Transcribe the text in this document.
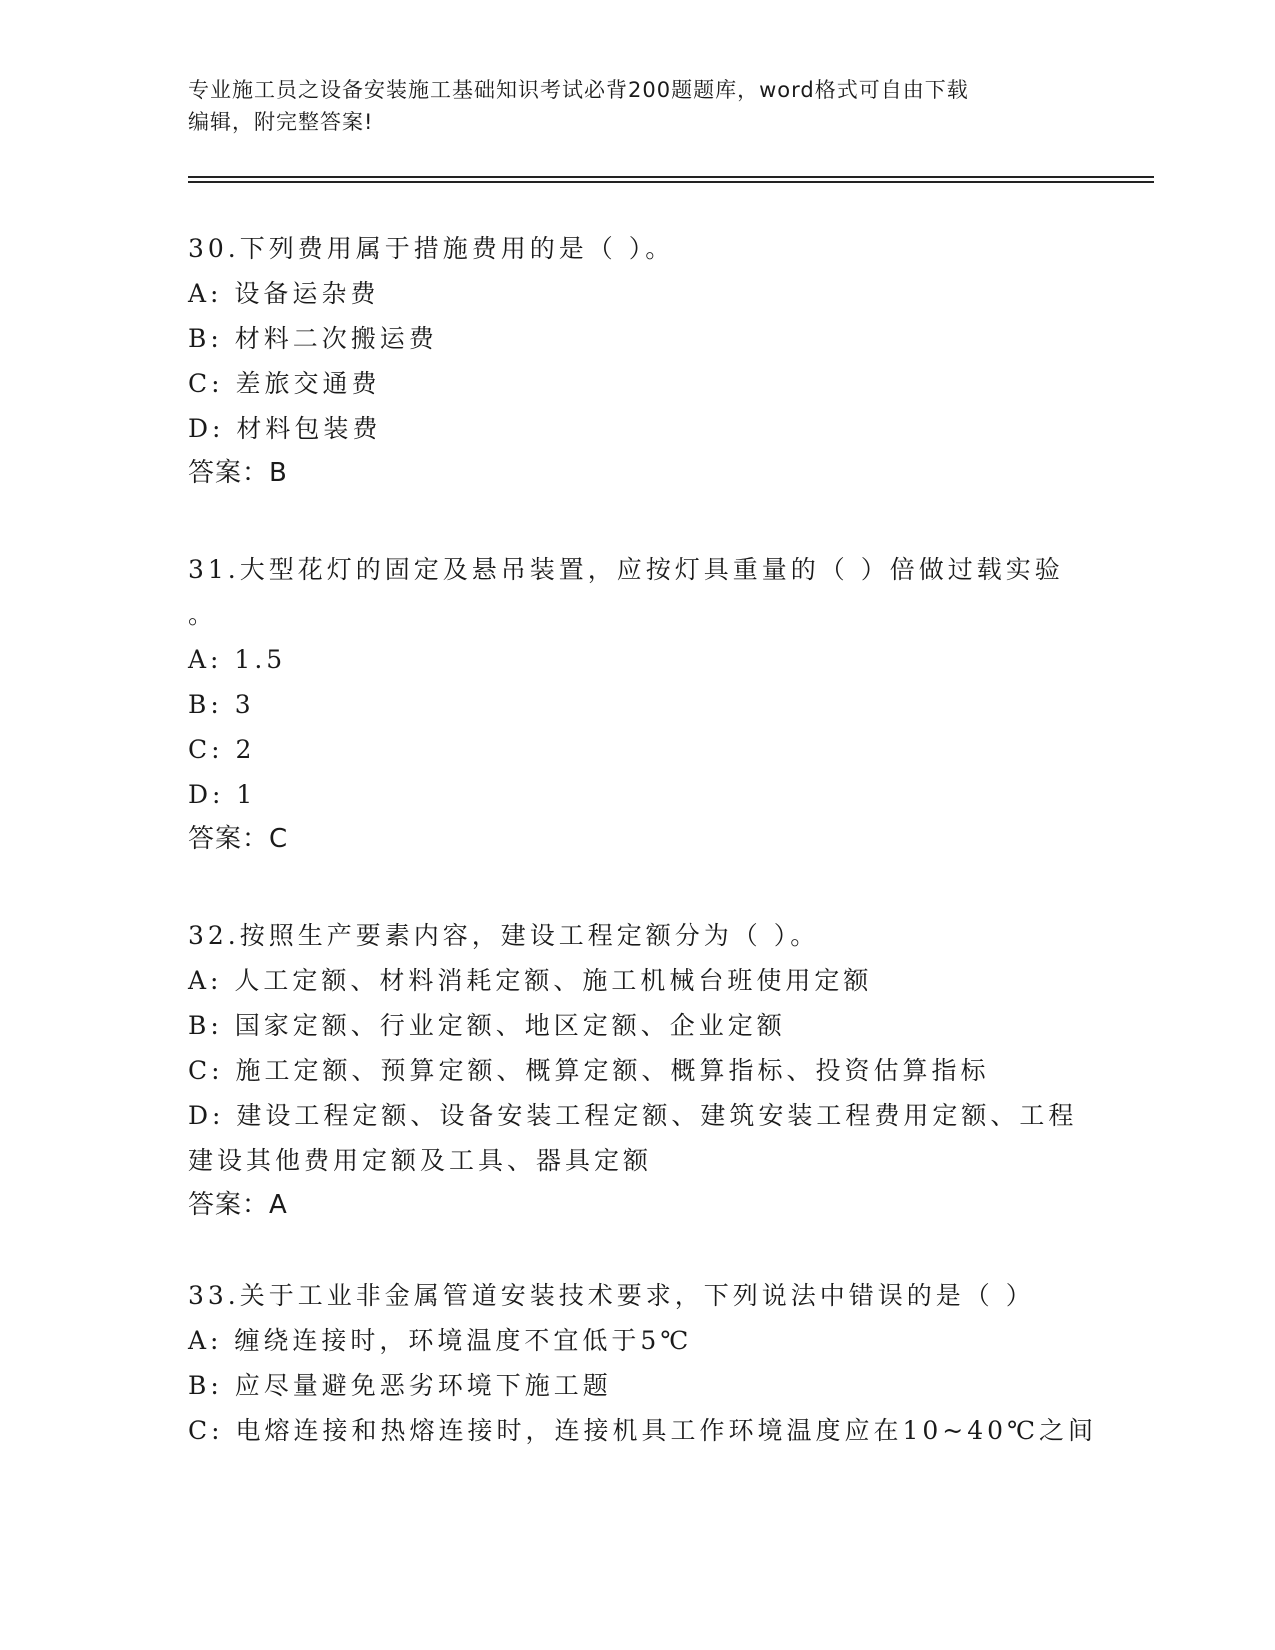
专业施工员之设备安装施工基础知识考试必背200题题库，word格式可自由下载
编辑，附完整答案!
30.下列费用属于措施费用的是（ ）。
A: 设备运杂费
B: 材料二次搬运费
C: 差旅交通费
D: 材料包装费
答案：B
31.大型花灯的固定及悬吊装置，应按灯具重量的（ ）倍做过载实验
。
A: 1.5
B: 3
C: 2
D: 1
答案：C
32.按照生产要素内容，建设工程定额分为（ ）。
A: 人工定额、材料消耗定额、施工机械台班使用定额
B: 国家定额、行业定额、地区定额、企业定额
C: 施工定额、预算定额、概算定额、概算指标、投资估算指标
D: 建设工程定额、设备安装工程定额、建筑安装工程费用定额、工程
建设其他费用定额及工具、器具定额
答案：A
33.关于工业非金属管道安装技术要求，下列说法中错误的是（ ）
A: 缠绕连接时，环境温度不宜低于5℃
B: 应尽量避免恶劣环境下施工题
C: 电熔连接和热熔连接时，连接机具工作环境温度应在10~40℃之间
